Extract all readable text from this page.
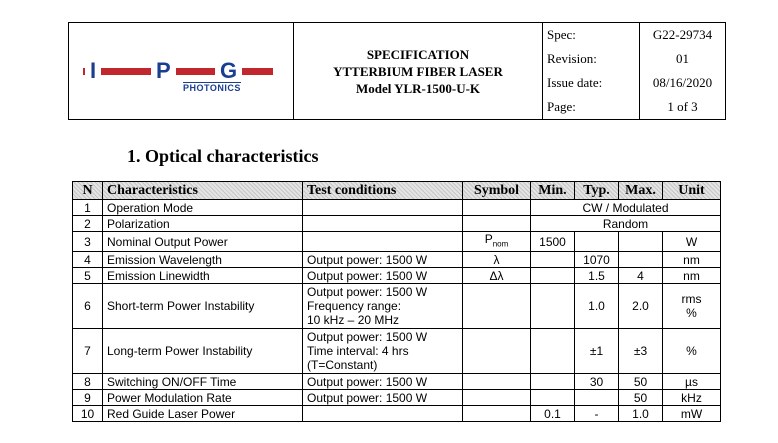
I	P G
PHOTONICS

SPECIFICATION
YTTERBIUM FIBER LASER
Model YLR-1500-U-K

Spec:	G22-29734
Revision:	01
Issue date:	08/16/2020
Page:	1 of 3
1. Optical characteristics
N	Characteristics	Test conditions	Symbol	Min.	Typ.	Max.	Unit
1	Operation Mode			CW / Modulated			
2	Polarization			Random			
3	Nominal Output Power		$P_{nom}$	1500			W
4	Emission Wavelength	Output power: 1500 W	λ		1070		nm
5	Emission Linewidth	Output power: 1500 W	Δλ		1.5	4	nm
6	Short-term Power Instability	Output power: 1500 W
Frequency range:
10 kHz – 20 MHz			1.0	2.0	rms
%

7	Long-term Power Instability	Output power: 1500 W
Time interval: 4 hrs
(T=Constant)			±1	±3	%
8	Switching ON/OFF Time	Output power: 1500 W			30	50	µs
9	Power Modulation Rate	Output power: 1500 W				50	kHz
10	Red Guide Laser Power			0.1	-	1.0	mW
